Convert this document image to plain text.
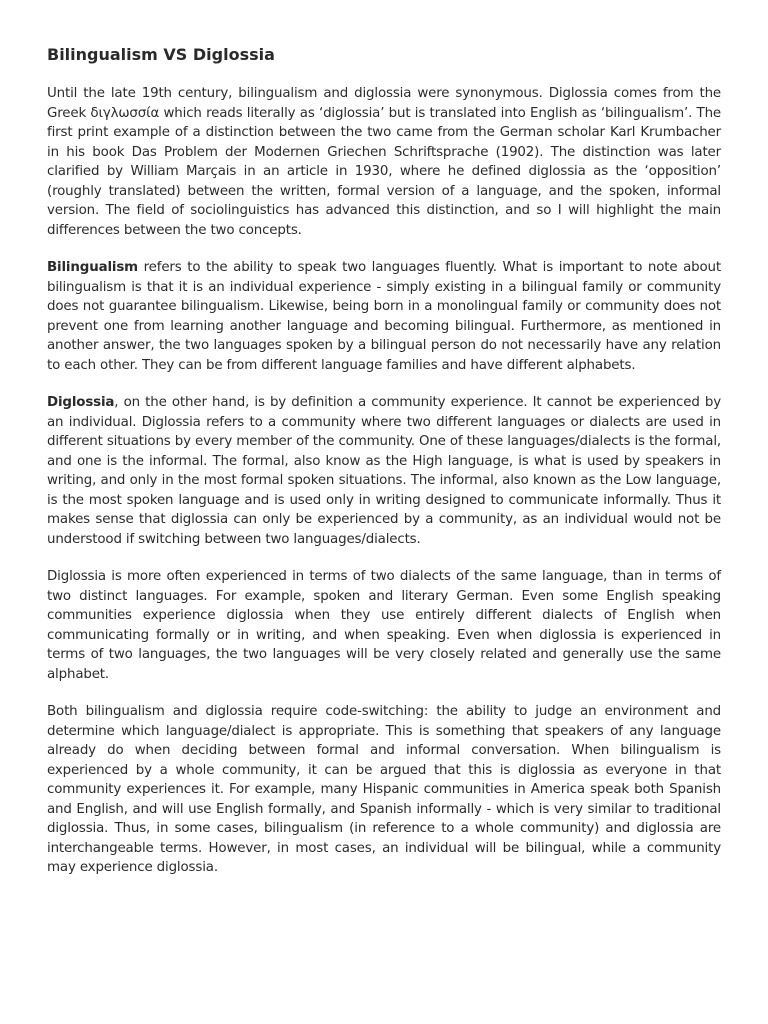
Bilingualism VS Diglossia

Until the late 19th century, bilingualism and diglossia were synonymous. Diglossia comes from the Greek διγλωσσία which reads literally as ‘diglossia’ but is translated into English as ‘bilingualism’. The first print example of a distinction between the two came from the German scholar Karl Krumbacher in his book Das Problem der Modernen Griechen Schriftsprache (1902). The distinction was later clarified by William Marçais in an article in 1930, where he defined diglossia as the ‘opposition’ (roughly translated) between the written, formal version of a language, and the spoken, informal version. The field of sociolinguistics has advanced this distinction, and so I will highlight the main differences between the two concepts.

Bilingualism refers to the ability to speak two languages fluently. What is important to note about bilingualism is that it is an individual experience - simply existing in a bilingual family or community does not guarantee bilingualism. Likewise, being born in a monolingual family or community does not prevent one from learning another language and becoming bilingual. Furthermore, as mentioned in another answer, the two languages spoken by a bilingual person do not necessarily have any relation to each other. They can be from different language families and have different alphabets.

Diglossia, on the other hand, is by definition a community experience. It cannot be experienced by an individual. Diglossia refers to a community where two different languages or dialects are used in different situations by every member of the community. One of these languages/dialects is the formal, and one is the informal. The formal, also know as the High language, is what is used by speakers in writing, and only in the most formal spoken situations. The informal, also known as the Low language, is the most spoken language and is used only in writing designed to communicate informally. Thus it makes sense that diglossia can only be experienced by a community, as an individual would not be understood if switching between two languages/dialects.

Diglossia is more often experienced in terms of two dialects of the same language, than in terms of two distinct languages. For example, spoken and literary German. Even some English speaking communities experience diglossia when they use entirely different dialects of English when communicating formally or in writing, and when speaking. Even when diglossia is experienced in terms of two languages, the two languages will be very closely related and generally use the same alphabet.

Both bilingualism and diglossia require code-switching: the ability to judge an environment and determine which language/dialect is appropriate. This is something that speakers of any language already do when deciding between formal and informal conversation. When bilingualism is experienced by a whole community, it can be argued that this is diglossia as everyone in that community experiences it. For example, many Hispanic communities in America speak both Spanish and English, and will use English formally, and Spanish informally - which is very similar to traditional diglossia. Thus, in some cases, bilingualism (in reference to a whole community) and diglossia are interchangeable terms. However, in most cases, an individual will be bilingual, while a community may experience diglossia.
